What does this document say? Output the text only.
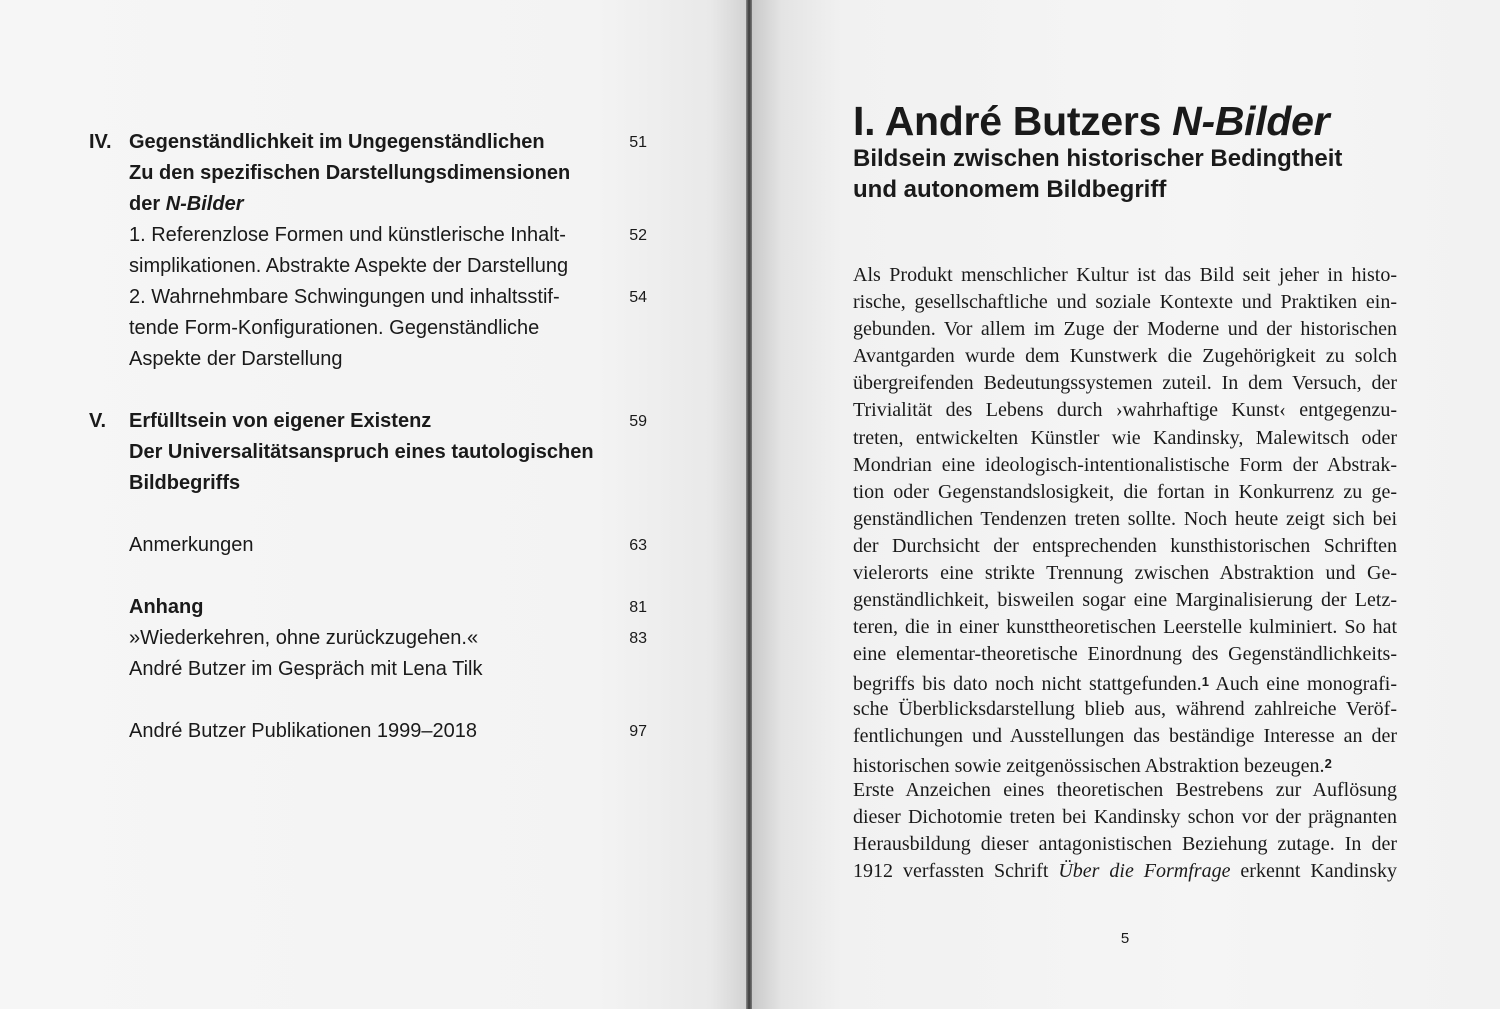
IV. Gegenständlichkeit im Ungegenständlichen	51
Zu den spezifischen Darstellungsdimensionen
der N-Bilder
1. Referenzlose Formen und künstlerische Inhalt-	52
simplikationen. Abstrakte Aspekte der Darstellung
2. Wahrnehmbare Schwingungen und inhaltsstif-	54
tende Form-Konfigurationen. Gegenständliche
Aspekte der Darstellung
V. Erfülltsein von eigener Existenz	59
Der Universalitätsanspruch eines tautologischen
Bildbegriffs
Anmerkungen	63
Anhang	81
»Wiederkehren, ohne zurückzugehen.«	83
André Butzer im Gespräch mit Lena Tilk
André Butzer Publikationen 1999–2018	97
I. André Butzers N-Bilder
Bildsein zwischen historischer Bedingtheit
und autonomem Bildbegriff
Als Produkt menschlicher Kultur ist das Bild seit jeher in histo-
rische, gesellschaftliche und soziale Kontexte und Praktiken ein-
gebunden. Vor allem im Zuge der Moderne und der historischen
Avantgarden wurde dem Kunstwerk die Zugehörigkeit zu solch
übergreifenden Bedeutungssystemen zuteil. In dem Versuch, der
Trivialität des Lebens durch ›wahrhaftige Kunst‹ entgegenzu-
treten, entwickelten Künstler wie Kandinsky, Malewitsch oder
Mondrian eine ideologisch-intentionalistische Form der Abstrak-
tion oder Gegenstandslosigkeit, die fortan in Konkurrenz zu ge-
genständlichen Tendenzen treten sollte. Noch heute zeigt sich bei
der Durchsicht der entsprechenden kunsthistorischen Schriften
vielerorts eine strikte Trennung zwischen Abstraktion und Ge-
genständlichkeit, bisweilen sogar eine Marginalisierung der Letz-
teren, die in einer kunsttheoretischen Leerstelle kulminiert. So hat
eine elementar-theoretische Einordnung des Gegenständlichkeits-
begriffs bis dato noch nicht stattgefunden.$^1$ Auch eine monografi-
sche Überblicksdarstellung blieb aus, während zahlreiche Veröf-
fentlichungen und Ausstellungen das beständige Interesse an der
historischen sowie zeitgenössischen Abstraktion bezeugen.$^2$
Erste Anzeichen eines theoretischen Bestrebens zur Auflösung
dieser Dichotomie treten bei Kandinsky schon vor der prägnanten
Herausbildung dieser antagonistischen Beziehung zutage. In der
1912 verfassten Schrift Über die Formfrage erkennt Kandinsky
5
